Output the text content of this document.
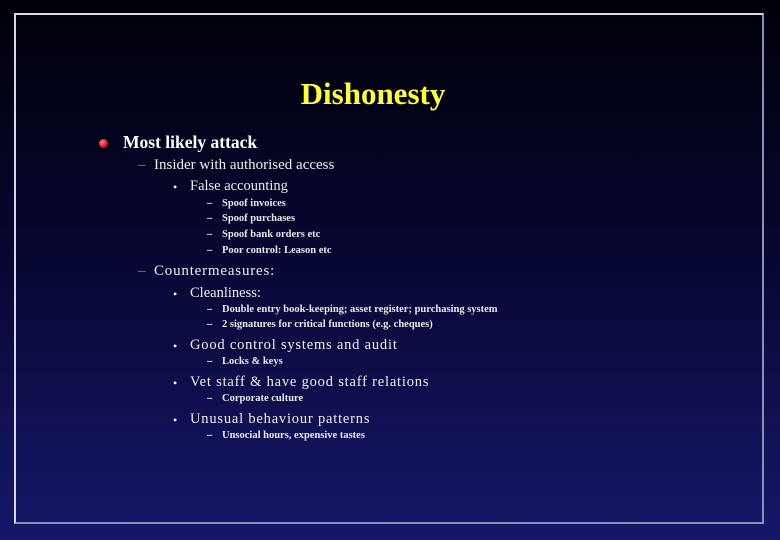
Dishonesty
Most likely attack
– Insider with authorised access
• False accounting
– Spoof invoices
– Spoof purchases
– Spoof bank orders etc
– Poor control: Leason etc
– Countermeasures:
• Cleanliness:
– Double entry book-keeping; asset register; purchasing system
– 2 signatures for critical functions (e.g. cheques)
• Good control systems and audit
– Locks & keys
• Vet staff & have good staff relations
– Corporate culture
• Unusual behaviour patterns
– Unsocial hours, expensive tastes
